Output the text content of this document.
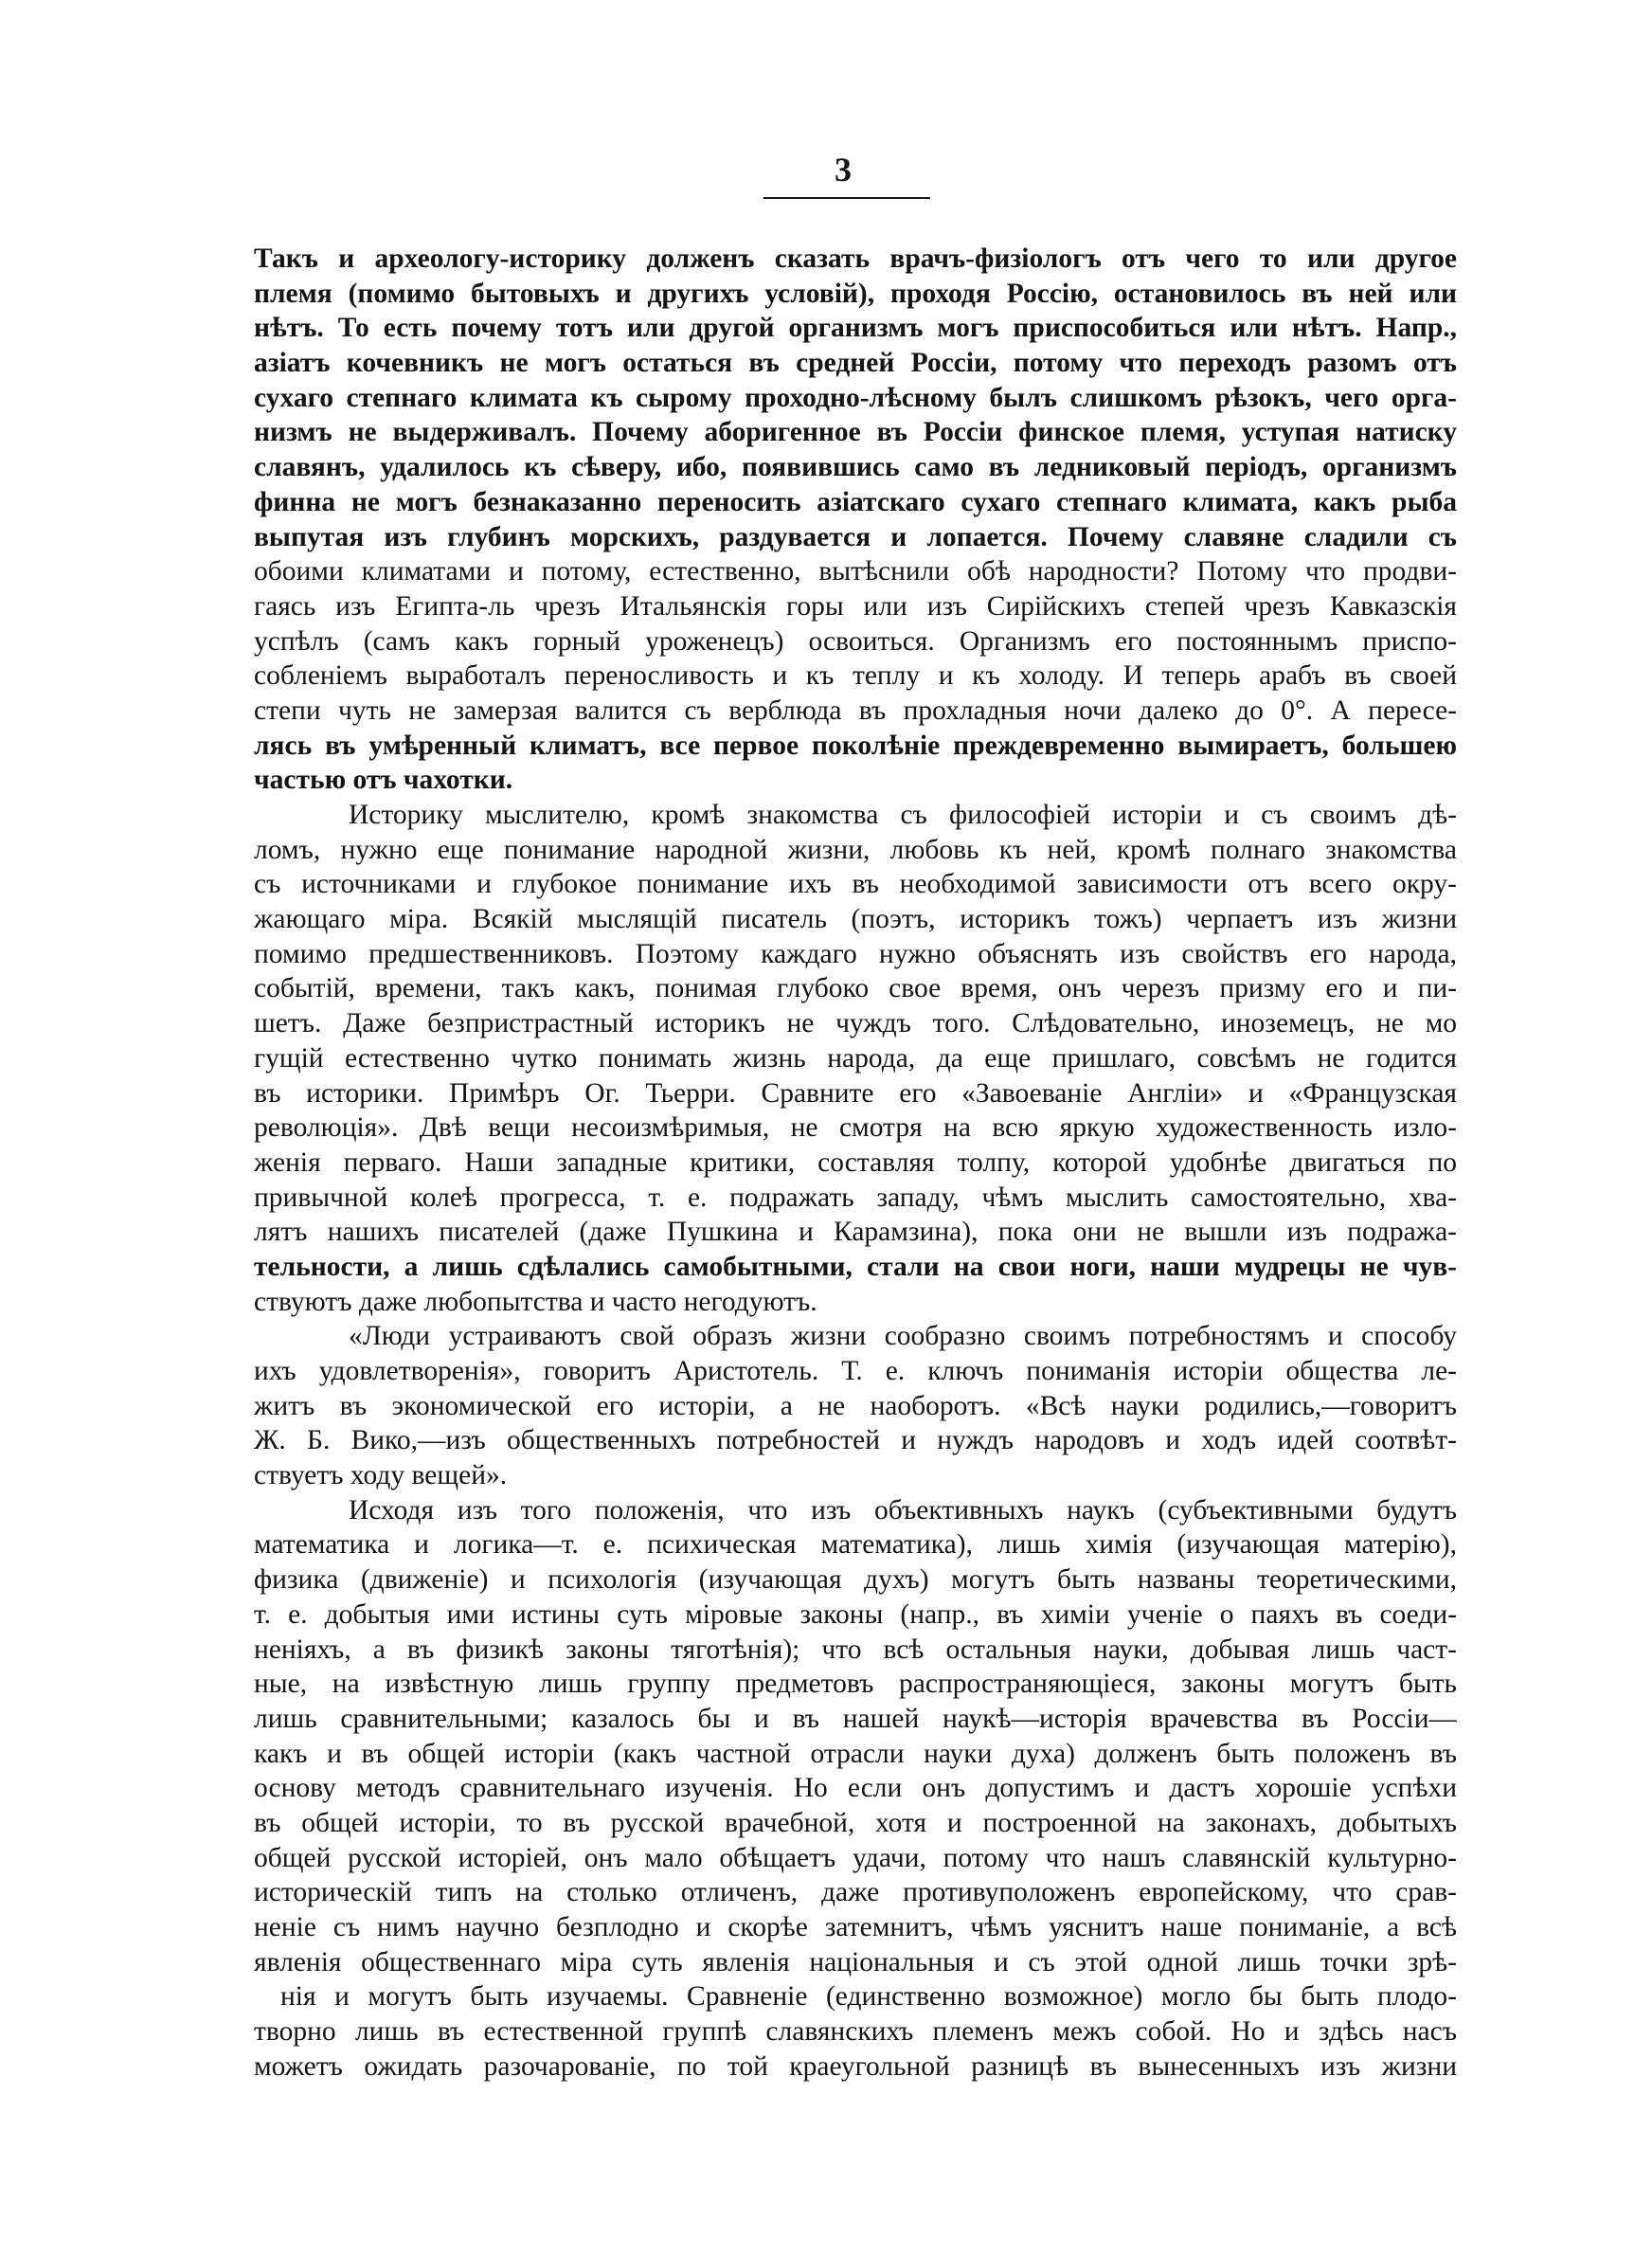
3
Такъ и археологу-историку долженъ сказать врачъ-физiологъ отъ чего то или другое
племя (помимо бытовыхъ и другихъ условiй), проходя Россiю, остановилось въ ней или
нѣтъ. То есть почему тотъ или другой организмъ могъ приспособиться или нѣтъ. Напр.,
азiатъ кочевникъ не могъ остаться въ средней Россiи, потому что переходъ разомъ отъ
сухаго степнаго климата къ сырому проходно-лѣсному былъ слишкомъ рѣзокъ, чего орга-
низмъ не выдерживалъ. Почему аборигенное въ Россiи финское племя, уступая натиску
славянъ, удалилось къ сѣверу, ибо, появившись само въ ледниковый перiодъ, организмъ
финна не могъ безнаказанно переносить азiатскаго сухаго степнаго климата, какъ рыба
выпутая изъ глубинъ морскихъ, раздувается и лопается. Почему славяне сладили съ
обоими климатами и потому, естественно, вытѣснили обѣ народности? Потому что продви-
гаясь изъ Египта-ль чрезъ Итальянскiя горы или изъ Сирiйскихъ степей чрезъ Кавказскiя
успѣлъ (самъ какъ горный уроженецъ) освоиться. Организмъ его постояннымъ приспо-
собленiемъ выработалъ переносливость и къ теплу и къ холоду. И теперь арабъ въ своей
степи чуть не замерзая валится съ верблюда въ прохладныя ночи далеко до 0°. А пересе-
лясь въ умѣренный климатъ, все первое поколѣнiе преждевременно вымираетъ, большею
частью отъ чахотки.
Историку мыслителю, кромѣ знакомства съ философiей исторiи и съ своимъ дѣ-
ломъ, нужно еще понимание народной жизни, любовь къ ней, кромѣ полнаго знакомства
съ источниками и глубокое понимание ихъ въ необходимой зависимости отъ всего окру-
жающаго мiра. Всякiй мыслящiй писатель (поэтъ, историкъ тожъ) черпаетъ изъ жизни
помимо предшественниковъ. Поэтому каждаго нужно объяснять изъ свойствъ его народа,
событiй, времени, такъ какъ, понимая глубоко свое время, онъ черезъ призму его и пи-
шетъ. Даже безпристрастный историкъ не чуждъ того. Слѣдовательно, иноземецъ, не мо
гущiй естественно чутко понимать жизнь народа, да еще пришлаго, совсѣмъ не годится
въ историки. Примѣръ Ог. Тьерри. Сравните его «Завоеванiе Англiи» и «Французская
революцiя». Двѣ вещи несоизмѣримыя, не смотря на всю яркую художественность изло-
женiя перваго. Наши западные критики, составляя толпу, которой удобнѣе двигаться по
привычной колеѣ прогресса, т. е. подражать западу, чѣмъ мыслить самостоятельно, хва-
лятъ нашихъ писателей (даже Пушкина и Карамзина), пока они не вышли изъ подража-
тельности, а лишь сдѣлались самобытными, стали на свои ноги, наши мудрецы не чув-
ствуютъ даже любопытства и часто негодуютъ.
«Люди устраиваютъ свой образъ жизни сообразно своимъ потребностямъ и способу
ихъ удовлетворенiя», говоритъ Аристотель. Т. е. ключъ пониманiя исторiи общества ле-
житъ въ экономической его исторiи, а не наоборотъ. «Всѣ науки родились,—говоритъ
Ж. Б. Вико,—изъ общественныхъ потребностей и нуждъ народовъ и ходъ идей соотвѣт-
ствуетъ ходу вещей».
Исходя изъ того положенiя, что изъ объективныхъ наукъ (субъективными будутъ
математика и логика—т. е. психическая математика), лишь химiя (изучающая матерiю),
физика (движенiе) и психологiя (изучающая духъ) могутъ быть названы теоретическими,
т. е. добытыя ими истины суть мiровые законы (напр., въ химiи ученiе о паяхъ въ соеди-
ненiяхъ, а въ физикѣ законы тяготѣнiя); что всѣ остальныя науки, добывая лишь част-
ные, на извѣстную лишь группу предметовъ распространяющiеся, законы могутъ быть
лишь сравнительными; казалось бы и въ нашей наукѣ—исторiя врачевства въ Россiи—
какъ и въ общей исторiи (какъ частной отрасли науки духа) долженъ быть положенъ въ
основу методъ сравнительнаго изученiя. Но если онъ допустимъ и дастъ хорошiе успѣхи
въ общей исторiи, то въ русской врачебной, хотя и построенной на законахъ, добытыхъ
общей русской исторiей, онъ мало обѣщаетъ удачи, потому что нашъ славянскiй культурно-
историческiй типъ на столько отличенъ, даже противуположенъ европейскому, что срав-
ненiе съ нимъ научно безплодно и скорѣе затемнитъ, чѣмъ уяснитъ наше пониманiе, а всѣ
явленiя общественнаго мiра суть явленiя нацiональныя и съ этой одной лишь точки зрѣ-
нiя и могутъ быть изучаемы. Сравненiе (единственно возможное) могло бы быть плодо-
творно лишь въ естественной группѣ славянскихъ племенъ межъ собой. Но и здѣсь насъ
можетъ ожидать разочарованiе, по той краеугольной разницѣ въ вынесенныхъ изъ жизни
